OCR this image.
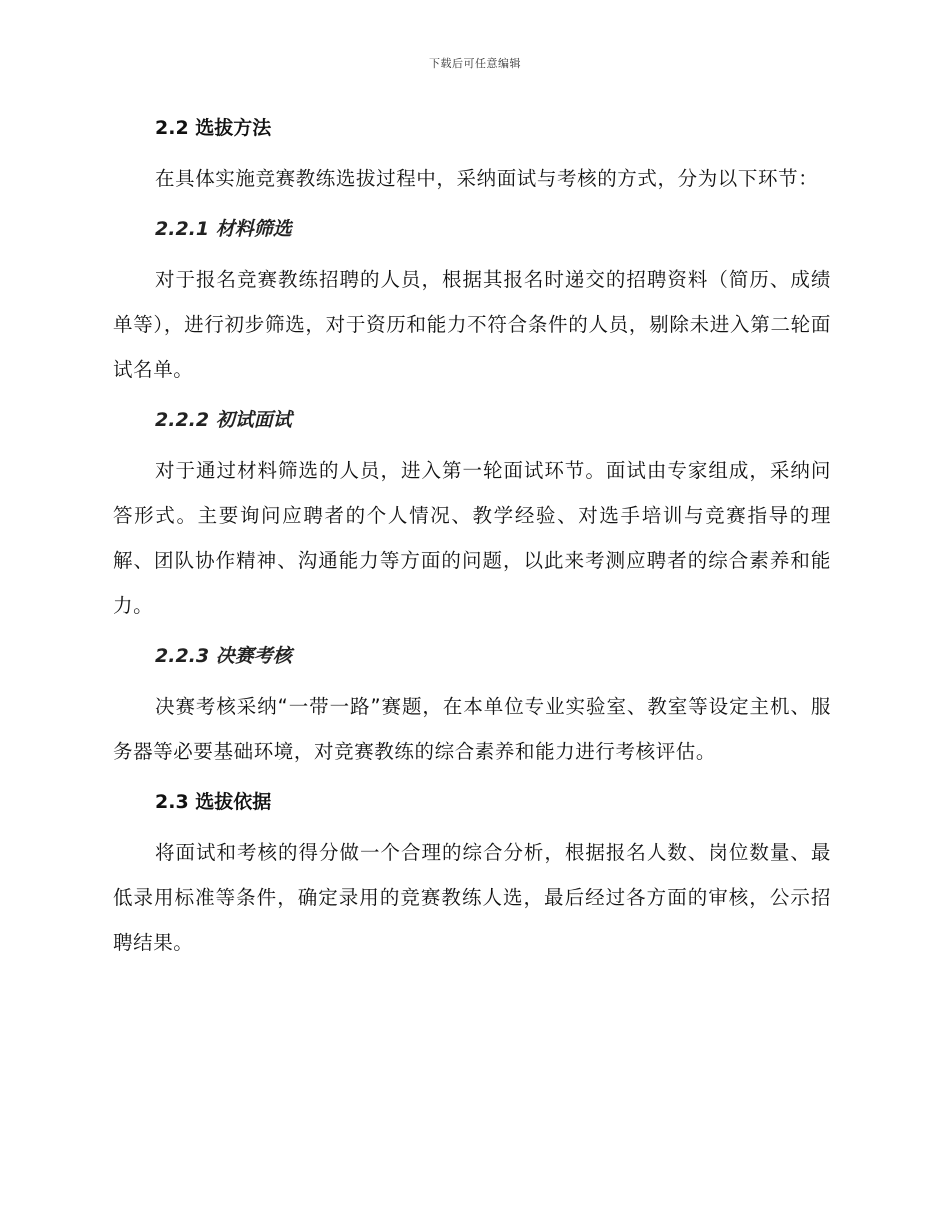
下载后可任意编辑
2.2 选拔方法

在具体实施竞赛教练选拔过程中，采纳面试与考核的方式，分为以下环节：

2.2.1 材料筛选

对于报名竞赛教练招聘的人员，根据其报名时递交的招聘资料（简历、成绩单等），进行初步筛选，对于资历和能力不符合条件的人员，剔除未进入第二轮面试名单。

2.2.2 初试面试

对于通过材料筛选的人员，进入第一轮面试环节。面试由专家组成，采纳问答形式。主要询问应聘者的个人情况、教学经验、对选手培训与竞赛指导的理解、团队协作精神、沟通能力等方面的问题，以此来考测应聘者的综合素养和能力。

2.2.3 决赛考核

决赛考核采纳“一带一路”赛题，在本单位专业实验室、教室等设定主机、服务器等必要基础环境，对竞赛教练的综合素养和能力进行考核评估。

2.3 选拔依据

将面试和考核的得分做一个合理的综合分析，根据报名人数、岗位数量、最低录用标准等条件，确定录用的竞赛教练人选，最后经过各方面的审核，公示招聘结果。
